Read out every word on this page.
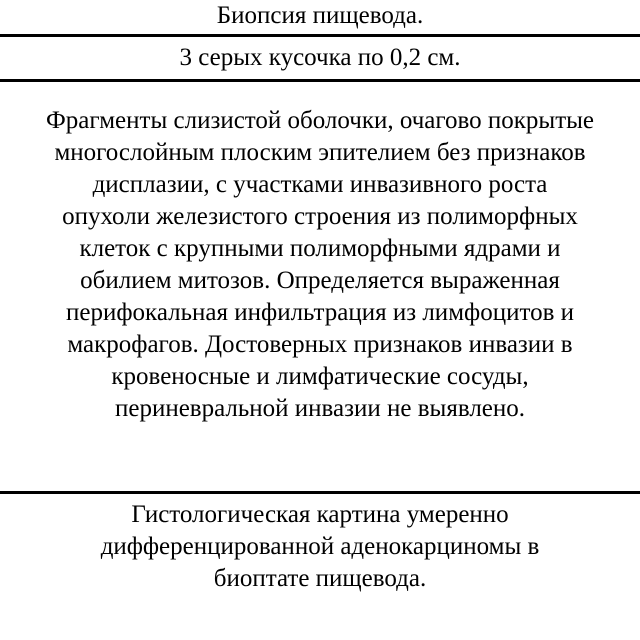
Биопсия пищевода.
3 серых кусочка по 0,2 см.
Фрагменты слизистой оболочки, очагово покрытые
многослойным плоским эпителием без признаков
дисплазии, с участками инвазивного роста
опухоли железистого строения из полиморфных
клеток с крупными полиморфными ядрами и
обилием митозов. Определяется выраженная
перифокальная инфильтрация из лимфоцитов и
макрофагов. Достоверных признаков инвазии в
кровеносные и лимфатические сосуды,
периневральной инвазии не выявлено.
Гистологическая картина умеренно
дифференцированной аденокарциномы в
биоптате пищевода.
